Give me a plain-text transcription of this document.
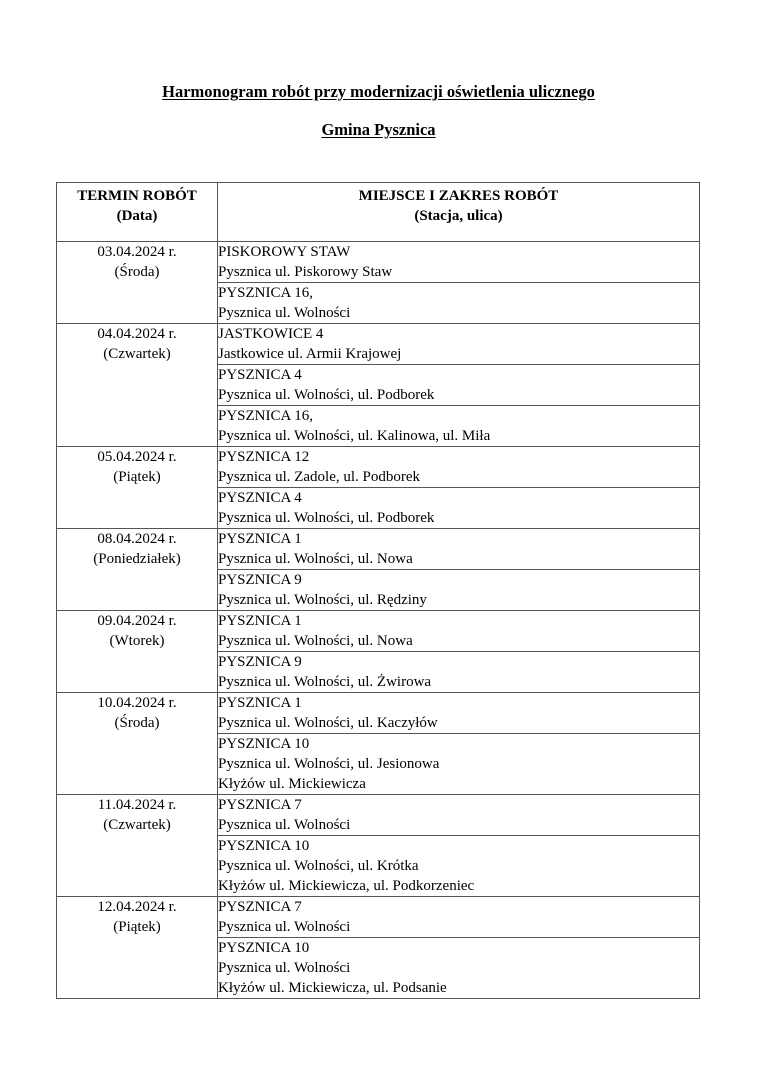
Harmonogram robót przy modernizacji oświetlenia ulicznego
Gmina Pysznica
TERMIN ROBÓT
(Data)	MIEJSCE I ZAKRES ROBÓT
(Stacja, ulica)

03.04.2024 r.
(Środa)	PISKOROWY STAW
Pysznica ul. Piskorowy Staw

	PYSZNICA 16,
Pysznica ul. Wolności

04.04.2024 r.
(Czwartek)	JASTKOWICE 4
Jastkowice ul. Armii Krajowej

	PYSZNICA 4
Pysznica ul. Wolności, ul. Podborek

	PYSZNICA 16,
Pysznica ul. Wolności, ul. Kalinowa, ul. Miła

05.04.2024 r.
(Piątek)	PYSZNICA 12
Pysznica ul. Zadole, ul. Podborek

	PYSZNICA 4
Pysznica ul. Wolności, ul. Podborek

08.04.2024 r.
(Poniedziałek)	PYSZNICA 1
Pysznica ul. Wolności, ul. Nowa

	PYSZNICA 9
Pysznica ul. Wolności, ul. Rędziny

09.04.2024 r.
(Wtorek)	PYSZNICA 1
Pysznica ul. Wolności, ul. Nowa

	PYSZNICA 9
Pysznica ul. Wolności, ul. Żwirowa

10.04.2024 r.
(Środa)	PYSZNICA 1
Pysznica ul. Wolności, ul. Kaczyłów

	PYSZNICA 10
Pysznica ul. Wolności, ul. Jesionowa
Kłyżów ul. Mickiewicza

11.04.2024 r.
(Czwartek)	PYSZNICA 7
Pysznica ul. Wolności

	PYSZNICA 10
Pysznica ul. Wolności, ul. Krótka
Kłyżów ul. Mickiewicza, ul. Podkorzeniec

12.04.2024 r.
(Piątek)	PYSZNICA 7
Pysznica ul. Wolności

	PYSZNICA 10
Pysznica ul. Wolności
Kłyżów ul. Mickiewicza, ul. Podsanie
